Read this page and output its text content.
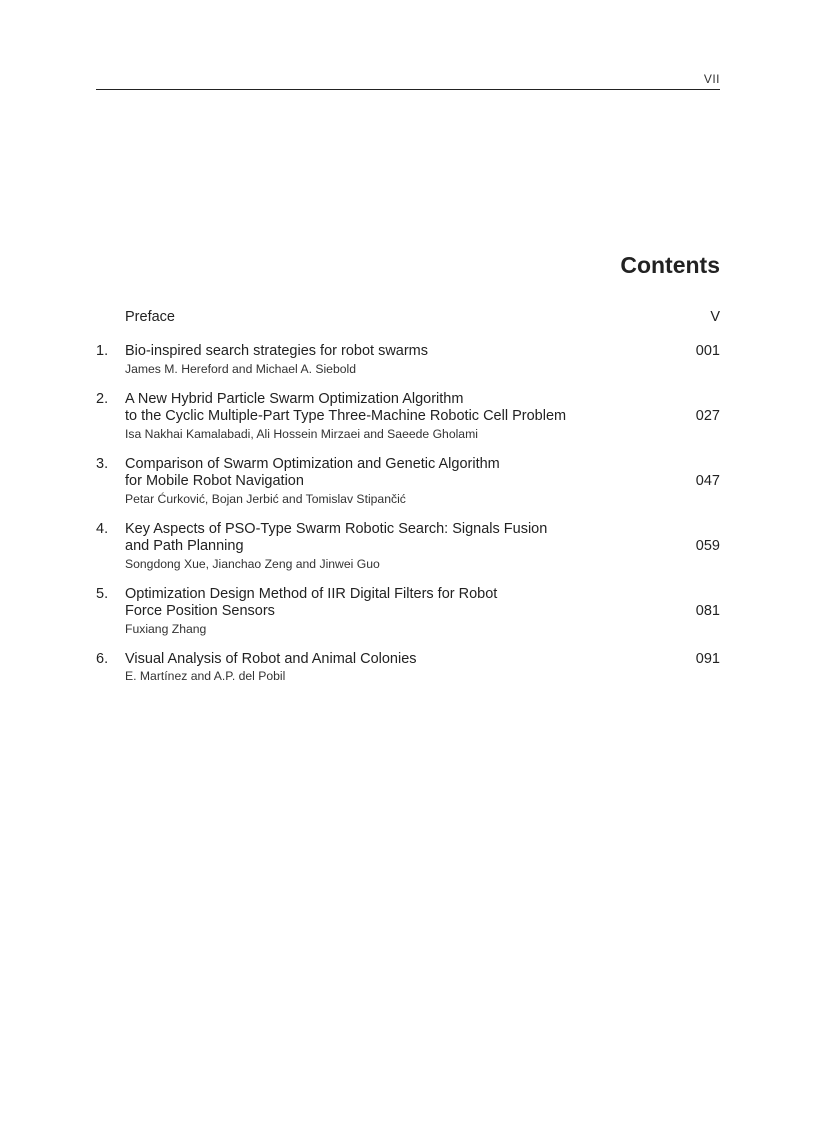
VII
Contents
Preface	V
1. Bio-inspired search strategies for robot swarms
James M. Hereford and Michael A. Siebold
001
2. A New Hybrid Particle Swarm Optimization Algorithm
to the Cyclic Multiple-Part Type Three-Machine Robotic Cell Problem
Isa Nakhai Kamalabadi, Ali Hossein Mirzaei and Saeede Gholami
027
3. Comparison of Swarm Optimization and Genetic Algorithm
for Mobile Robot Navigation
Petar Ćurković, Bojan Jerbić and Tomislav Stipančić
047
4. Key Aspects of PSO-Type Swarm Robotic Search: Signals Fusion
and Path Planning
Songdong Xue, Jianchao Zeng and Jinwei Guo
059
5. Optimization Design Method of IIR Digital Filters for Robot
Force Position Sensors
Fuxiang Zhang
081
6. Visual Analysis of Robot and Animal Colonies
E. Martínez and A.P. del Pobil
091
